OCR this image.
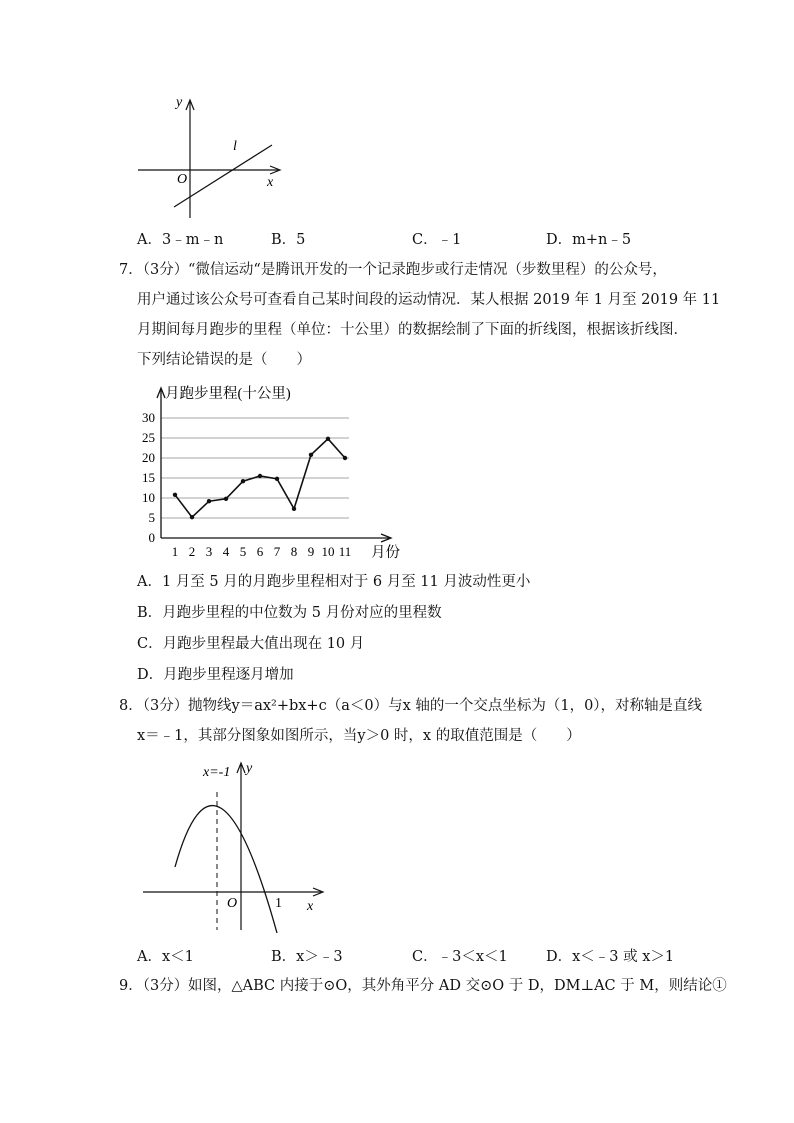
y
x
O
l
A．3﹣m﹣n	B．5	C．﹣1	D．m+n﹣5
7．（3分） “微信运动“是腾讯开发的一个记录跑步或行走情况（步数里程）的公众号，
用户通过该公众号可查看自己某时间段的运动情况．某人根据 2019 年 1 月至 2019 年 11
月期间每月跑步的里程（单位：十公里）的数据绘制了下面的折线图，根据该折线图．
下列结论错误的是（　　）
0
5
10
15
20
25
30
月跑步里程(十公里)
1 2 3 4 5 6 7 8 9 10 11 月份
A．1 月至 5 月的月跑步里程相对于 6 月至 11 月波动性更小
B．月跑步里程的中位数为 5 月份对应的里程数
C．月跑步里程最大值出现在 10 月
D．月跑步里程逐月增加
8．（3分） 抛物线y＝ax²+bx+c（a＜0）与x 轴的一个交点坐标为（1，0），对称轴是直线
x＝﹣1，其部分图象如图所示，当y＞0 时，x 的取值范围是（　　）
x=-1 y
x
O	1
A．x＜1	B．x＞﹣3	C．﹣3＜x＜1	D．x＜﹣3 或 x＞1
9．（3分） 如图，△ABC 内接于⊙O，其外角平分 AD 交⊙O 于 D，DM⊥AC 于 M，则结论①
